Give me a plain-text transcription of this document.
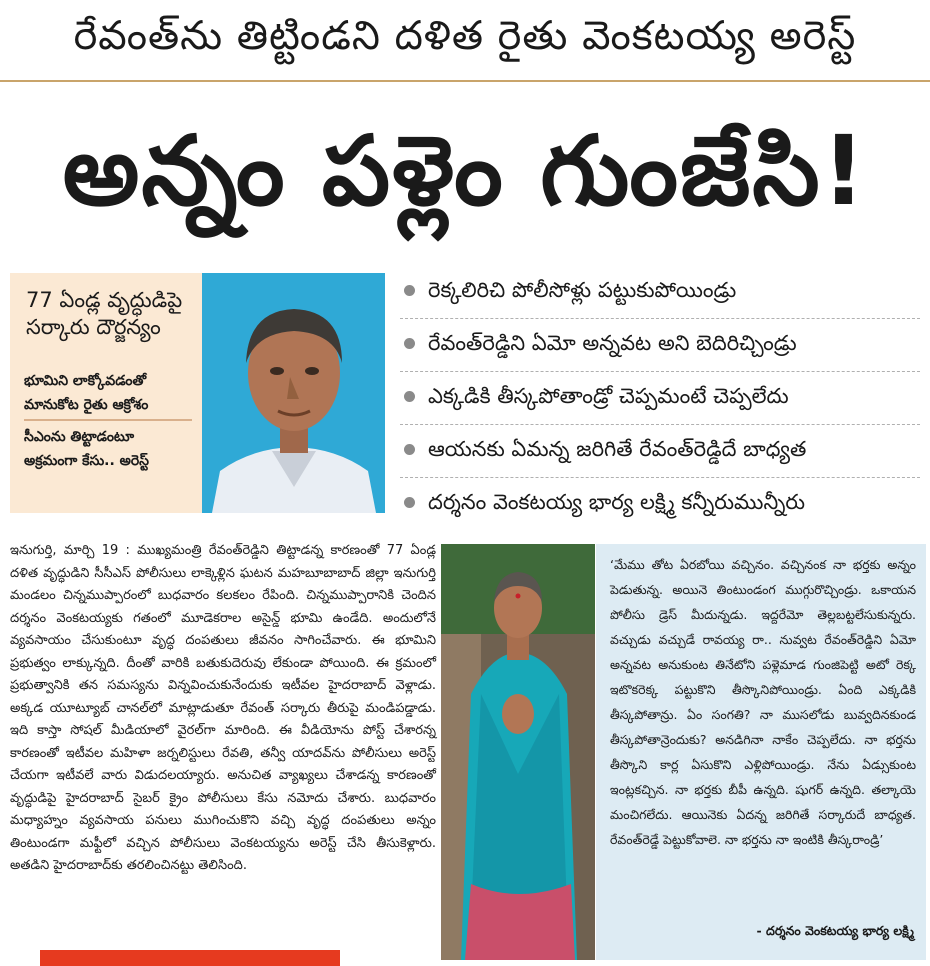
రేవంత్‌ను తిట్టిండని దళిత రైతు వెంకటయ్య అరెస్ట్
అన్నం పళ్లెం గుంజేసి!
77 ఏండ్ల వృద్ధుడిపై
సర్కారు దౌర్జన్యం
భూమిని లాక్కోవడంతో
మానుకోట రైతు ఆక్రోశం
సీఎంను తిట్టాడంటూ
అక్రమంగా కేసు.. అరెస్ట్
రెక్కలిరిచి పోలీసోళ్లు పట్టుకుపోయిండ్రు
రేవంత్‌రెడ్డిని ఏమో అన్నవట అని బెదిరిచ్చిండ్రు
ఎక్కడికి తీస్కపోతాండ్రో చెప్పమంటే చెప్పలేదు
ఆయనకు ఏమన్న జరిగితే రేవంత్‌రెడ్డిదే బాధ్యత
దర్శనం వెంకటయ్య భార్య లక్ష్మి కన్నీరుమున్నీరు
ఇనుగుర్తి, మార్చి 19 : ముఖ్యమంత్రి రేవంత్‌రెడ్డిని తిట్టాడన్న కారణంతో 77 ఏండ్ల దళిత వృద్ధుడిని సీసీఎస్ పోలీసులు లాక్కెళ్లిన ఘటన మహబూబాబాద్ జిల్లా ఇనుగుర్తి మండలం చిన్నముప్పారంలో బుధవారం కలకలం రేపింది. చిన్నముప్పారానికి చెందిన దర్శనం వెంకటయ్యకు గతంలో మూడెకరాల అసైన్డ్ భూమి ఉండేది. అందులోనే వ్యవసాయం చేసుకుంటూ వృద్ధ దంపతులు జీవనం సాగించేవారు. ఈ భూమిని ప్రభుత్వం లాక్కున్నది. దీంతో వారికి బతుకుదెరువు లేకుండా పోయింది. ఈ క్రమంలో ప్రభుత్వానికి తన సమస్యను విన్నవించుకునేందుకు ఇటీవల హైదరాబాద్ వెళ్లాడు. అక్కడ యూట్యూబ్ చానల్‌లో మాట్లాడుతూ రేవంత్ సర్కారు తీరుపై మండిపడ్డాడు. ఇది కాస్తా సోషల్ మీడియాలో వైరల్‌గా మారింది. ఈ వీడియోను పోస్ట్ చేశారన్న కారణంతో ఇటీవల మహిళా జర్నలిస్టులు రేవతి, తన్వీ యాదవ్‌ను పోలీసులు అరెస్ట్ చేయగా ఇటీవలే వారు విడుదలయ్యారు. అనుచిత వ్యాఖ్యలు చేశాడన్న కారణంతో వృద్ధుడిపై హైదరాబాద్ సైబర్ క్రైం పోలీసులు కేసు నమోదు చేశారు. బుధవారం మధ్యాహ్నం వ్యవసాయ పనులు ముగించుకొని వచ్చి వృద్ధ దంపతులు అన్నం తింటుండగా మఫ్టీలో వచ్చిన పోలీసులు వెంకటయ్యను అరెస్ట్ చేసి తీసుకెళ్లారు. అతడిని హైదరాబాద్‌కు తరలించినట్టు తెలిసింది.
‘మేము తోట ఏరబోయి వచ్చినం. వచ్చినంక నా భర్తకు అన్నం పెడుతున్న. అయినె తింటుండంగ ముగ్గురొచ్చిండ్రు. ఒకాయన పోలీసు డ్రెస్ మీదున్నడు. ఇద్దరేమో తెల్లబట్టలేసుకున్నరు. వచ్చుడు వచ్చుడే రావయ్య రా.. నువ్వట రేవంత్‌రెడ్డిని ఏమో అన్నవట అనుకుంట తినేటోని పళ్లెమాడ గుంజిపెట్టి అటో రెక్క ఇటొకరెక్క పట్టుకొని తీస్కొనిపోయిండ్రు. ఏంది ఎక్కడికి తీస్కపోతాన్రు. ఏం సంగతి? నా ముసలోడు బువ్వదినకుండ తీస్కపోతాన్రెందుకు? అనడిగినా నాకేం చెప్పలేదు. నా భర్తను తీస్కొని కార్ల ఏసుకొని ఎళ్లిపోయిండ్రు. నేను ఏడ్సుకుంట ఇంట్లకచ్చిన. నా భర్తకు బీపీ ఉన్నది. షుగర్ ఉన్నది. తల్కాయె మంచిగలేదు. ఆయినెకు ఏదన్న జరిగితే సర్కారుదే బాధ్యత. రేవంత్‌రెడ్డే పెట్టుకోవాలె. నా భర్తను నా ఇంటికి తీస్కరాండ్రి’
- దర్శనం వెంకటయ్య భార్య లక్ష్మి
